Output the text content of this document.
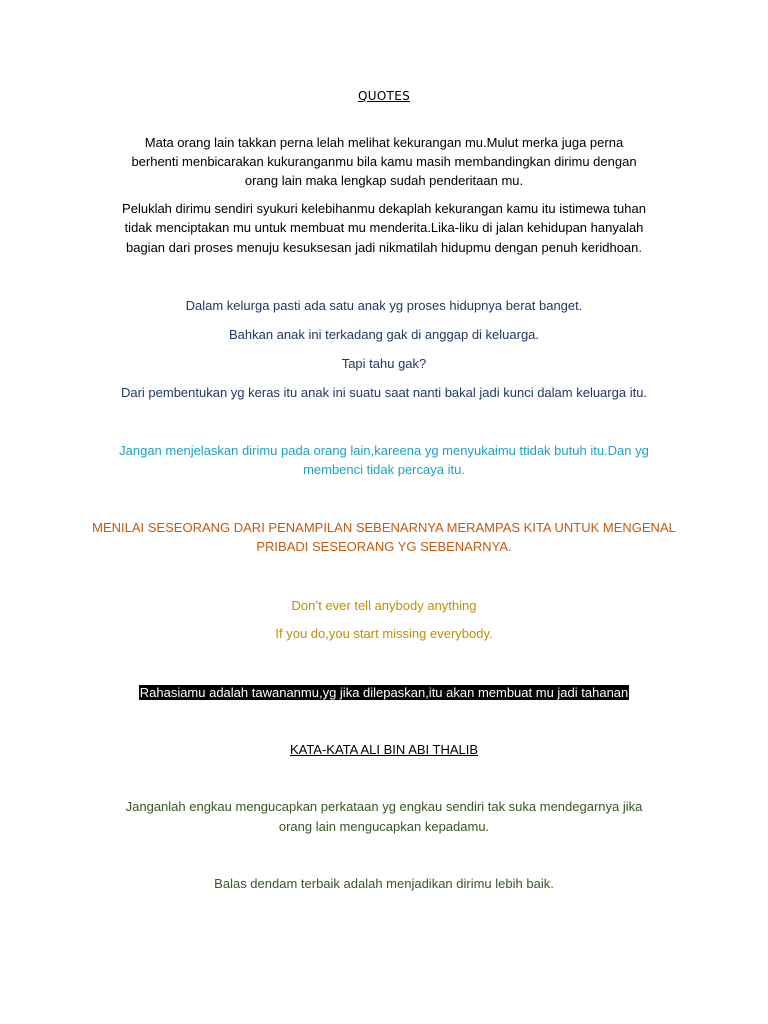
QUOTES
Mata orang lain takkan perna lelah melihat kekurangan mu.Mulut merka juga perna
berhenti menbicarakan kukuranganmu bila kamu masih membandingkan dirimu dengan
orang lain maka lengkap sudah penderitaan mu.
Peluklah dirimu sendiri syukuri kelebihanmu dekaplah kekurangan kamu itu istimewa tuhan
tidak menciptakan mu untuk membuat mu menderita.Lika-liku di jalan kehidupan hanyalah
bagian dari proses menuju kesuksesan jadi nikmatilah hidupmu dengan penuh keridhoan.
Dalam kelurga pasti ada satu anak yg proses hidupnya berat banget.
Bahkan anak ini terkadang gak di anggap di keluarga.
Tapi tahu gak?
Dari pembentukan yg keras itu anak ini suatu saat nanti bakal jadi kunci dalam keluarga itu.
Jangan menjelaskan dirimu pada orang lain,kareena yg menyukaimu ttidak butuh itu.Dan yg
membenci tidak percaya itu.
MENILAI SESEORANG DARI PENAMPILAN SEBENARNYA MERAMPAS KITA UNTUK MENGENAL
PRIBADI SESEORANG YG SEBENARNYA.
Don’t ever tell anybody anything
If you do,you start missing everybody.
Rahasiamu adalah tawananmu,yg jika dilepaskan,itu akan membuat mu jadi tahanan
KATA-KATA ALI BIN ABI THALIB
Janganlah engkau mengucapkan perkataan yg engkau sendiri tak suka mendegarnya jika
orang lain mengucapkan kepadamu.
Balas dendam terbaik adalah menjadikan dirimu lebih baik.
